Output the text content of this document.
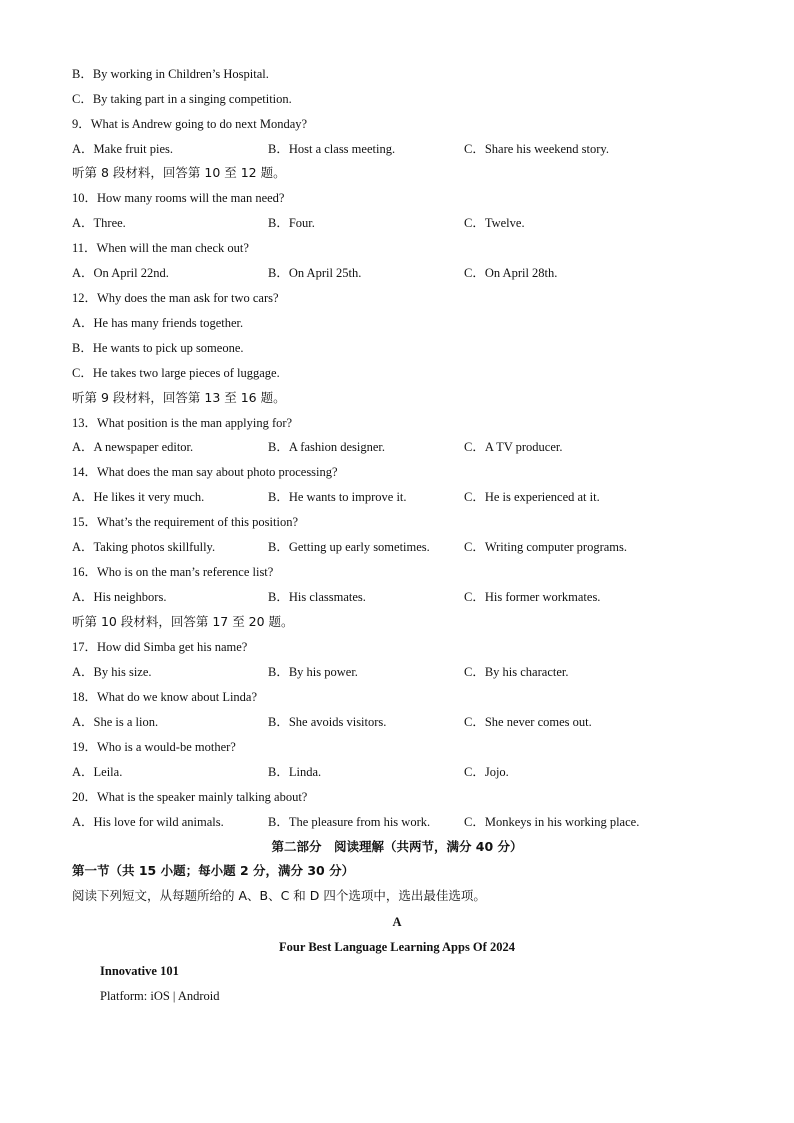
B．By working in Children’s Hospital.
C．By taking part in a singing competition.
9．What is Andrew going to do next Monday?
A．Make fruit pies.	B．Host a class meeting.	C．Share his weekend story.
听第 8 段材料，回答第 10 至 12 题。
10．How many rooms will the man need?
A．Three.	B．Four.	C．Twelve.
11．When will the man check out?
A．On April 22nd.	B．On April 25th.	C．On April 28th.
12．Why does the man ask for two cars?
A．He has many friends together.
B．He wants to pick up someone.
C．He takes two large pieces of luggage.
听第 9 段材料，回答第 13 至 16 题。
13．What position is the man applying for?
A．A newspaper editor.	B．A fashion designer.	C．A TV producer.
14．What does the man say about photo processing?
A．He likes it very much.	B．He wants to improve it.	C．He is experienced at it.
15．What’s the requirement of this position?
A．Taking photos skillfully.	B．Getting up early sometimes.	C．Writing computer programs.
16．Who is on the man’s reference list?
A．His neighbors.	B．His classmates.	C．His former workmates.
听第 10 段材料，回答第 17 至 20 题。
17．How did Simba get his name?
A．By his size.	B．By his power.	C．By his character.
18．What do we know about Linda?
A．She is a lion.	B．She avoids visitors.	C．She never comes out.
19．Who is a would-be mother?
A．Leila.	B．Linda.	C．Jojo.
20．What is the speaker mainly talking about?
A．His love for wild animals.	B．The pleasure from his work.	C．Monkeys in his working place.
第二部分　阅读理解（共两节，满分 40 分）
第一节（共 15 小题；每小题 2 分，满分 30 分）
阅读下列短文，从每题所给的 A、B、C 和 D 四个选项中，选出最佳选项。
A
Four Best Language Learning Apps Of 2024
Innovative 101
Platform: iOS | Android
